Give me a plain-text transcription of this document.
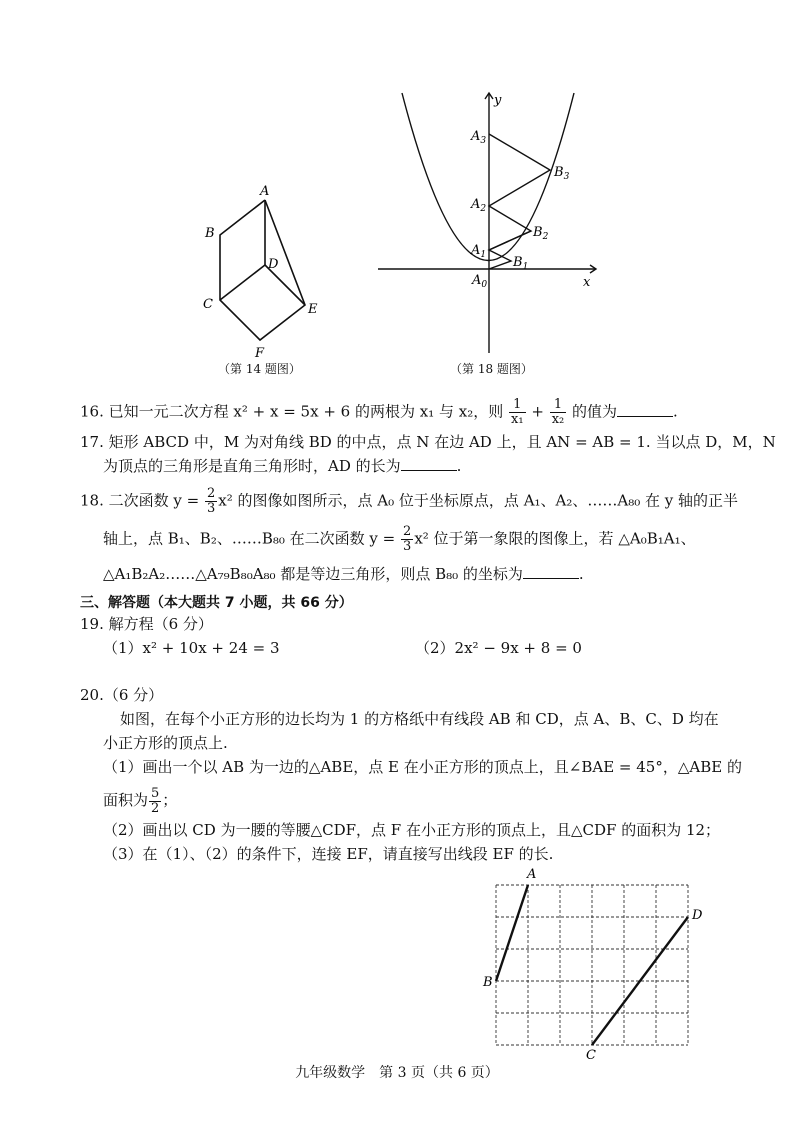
A
B
C
D
E
F
（第 14 题图）
y
x
$A_3$
$A_2$
$A_1$
$A_0$
$B_3$
$B_2$
$B_1$
（第 18 题图）
16. 已知一元二次方程 x² + x = 5x + 6 的两根为 x₁ 与 x₂，则 $\frac{1}{\text{x₁}} + \frac{1}{\text{x₂}}$ 的值为	.
17. 矩形 ABCD 中，M 为对角线 BD 的中点，点 N 在边 AD 上，且 AN = AB = 1. 当以点 D，M，N
为顶点的三角形是直角三角形时，AD 的长为	.
18. 二次函数 $y = \frac{2}{3} x^2$ 的图像如图所示，点 A₀ 位于坐标原点，点 A₁、A₂、……A₈₀ 在 y 轴的正半
轴上，点 B₁、B₂、……B₈₀ 在二次函数 $y = \frac{2}{3} x^2$ 位于第一象限的图像上，若 △A₀B₁A₁、
△A₁B₂A₂……△A₇₉B₈₀A₈₀ 都是等边三角形，则点 B₈₀ 的坐标为	.
三、解答题（本大题共 7 小题，共 66 分）
19. 解方程（6 分）
（1）x² + 10x + 24 = 3	（2）2x² − 9x + 8 = 0
20.（6 分）
如图，在每个小正方形的边长均为 1 的方格纸中有线段 AB 和 CD，点 A、B、C、D 均在
小正方形的顶点上.
（1）画出一个以 AB 为一边的△ABE，点 E 在小正方形的顶点上，且∠BAE = 45°，△ABE 的
面积为 $\frac{5}{2}$ ；
（2）画出以 CD 为一腰的等腰△CDF，点 F 在小正方形的顶点上，且△CDF 的面积为 12；
（3）在（1）、（2）的条件下，连接 EF，请直接写出线段 EF 的长.
A
B
C
D
九年级数学　第 3 页（共 6 页）
